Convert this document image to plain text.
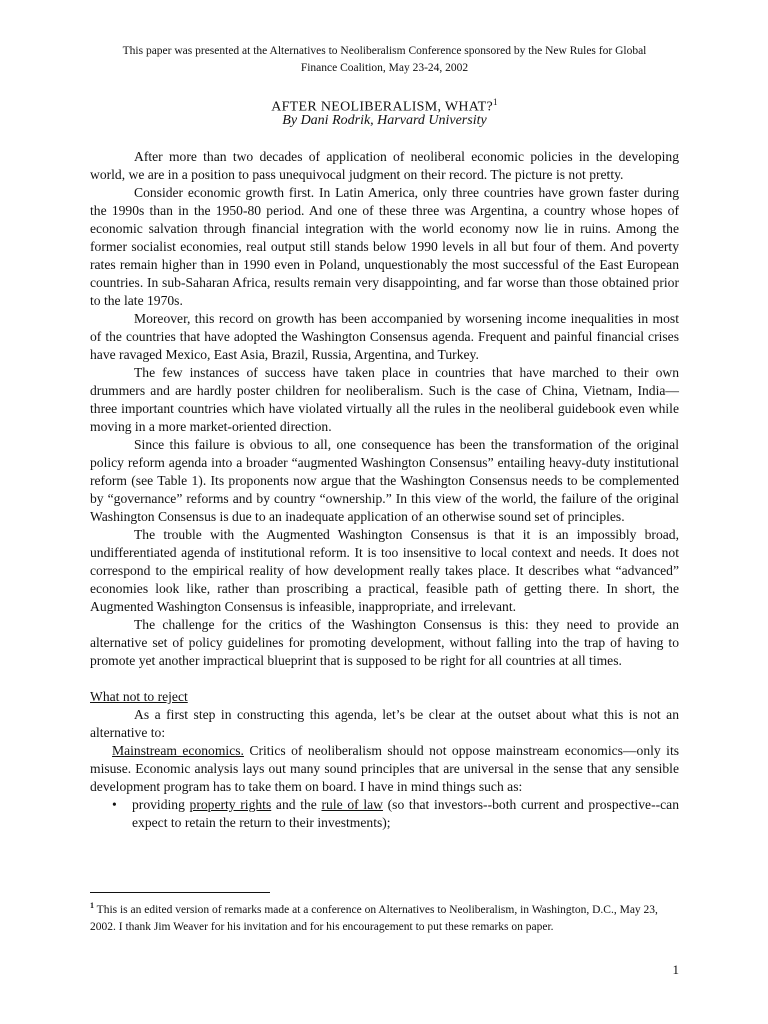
This paper was presented at the Alternatives to Neoliberalism Conference sponsored by the New Rules for Global
Finance Coalition, May 23-24, 2002
AFTER NEOLIBERALISM, WHAT?$^1$
By Dani Rodrik, Harvard University

After more than two decades of application of neoliberal economic policies in the developing world, we are in a position to pass unequivocal judgment on their record. The picture is not pretty.

Consider economic growth first. In Latin America, only three countries have grown faster during the 1990s than in the 1950-80 period. And one of these three was Argentina, a country whose hopes of economic salvation through financial integration with the world economy now lie in ruins. Among the former socialist economies, real output still stands below 1990 levels in all but four of them. And poverty rates remain higher than in 1990 even in Poland, unquestionably the most successful of the East European countries. In sub-Saharan Africa, results remain very disappointing, and far worse than those obtained prior to the late 1970s.

Moreover, this record on growth has been accompanied by worsening income inequalities in most of the countries that have adopted the Washington Consensus agenda. Frequent and painful financial crises have ravaged Mexico, East Asia, Brazil, Russia, Argentina, and Turkey.

The few instances of success have taken place in countries that have marched to their own drummers and are hardly poster children for neoliberalism. Such is the case of China, Vietnam, India—three important countries which have violated virtually all the rules in the neoliberal guidebook even while moving in a more market-oriented direction.

Since this failure is obvious to all, one consequence has been the transformation of the original policy reform agenda into a broader “augmented Washington Consensus” entailing heavy-duty institutional reform (see Table 1). Its proponents now argue that the Washington Consensus needs to be complemented by “governance” reforms and by country “ownership.” In this view of the world, the failure of the original Washington Consensus is due to an inadequate application of an otherwise sound set of principles.

The trouble with the Augmented Washington Consensus is that it is an impossibly broad, undifferentiated agenda of institutional reform. It is too insensitive to local context and needs. It does not correspond to the empirical reality of how development really takes place. It describes what “advanced” economies look like, rather than proscribing a practical, feasible path of getting there. In short, the Augmented Washington Consensus is infeasible, inappropriate, and irrelevant.

The challenge for the critics of the Washington Consensus is this: they need to provide an alternative set of policy guidelines for promoting development, without falling into the trap of having to promote yet another impractical blueprint that is supposed to be right for all countries at all times.

What not to reject

As a first step in constructing this agenda, let’s be clear at the outset about what this is not an alternative to:

Mainstream economics. Critics of neoliberalism should not oppose mainstream economics—only its misuse. Economic analysis lays out many sound principles that are universal in the sense that any sensible development program has to take them on board. I have in mind things such as:

• providing property rights and the rule of law (so that investors--both current and prospective--can expect to retain the return to their investments);
$^1$ This is an edited version of remarks made at a conference on Alternatives to Neoliberalism, in Washington, D.C., May 23, 2002. I thank Jim Weaver for his invitation and for his encouragement to put these remarks on paper.
1
